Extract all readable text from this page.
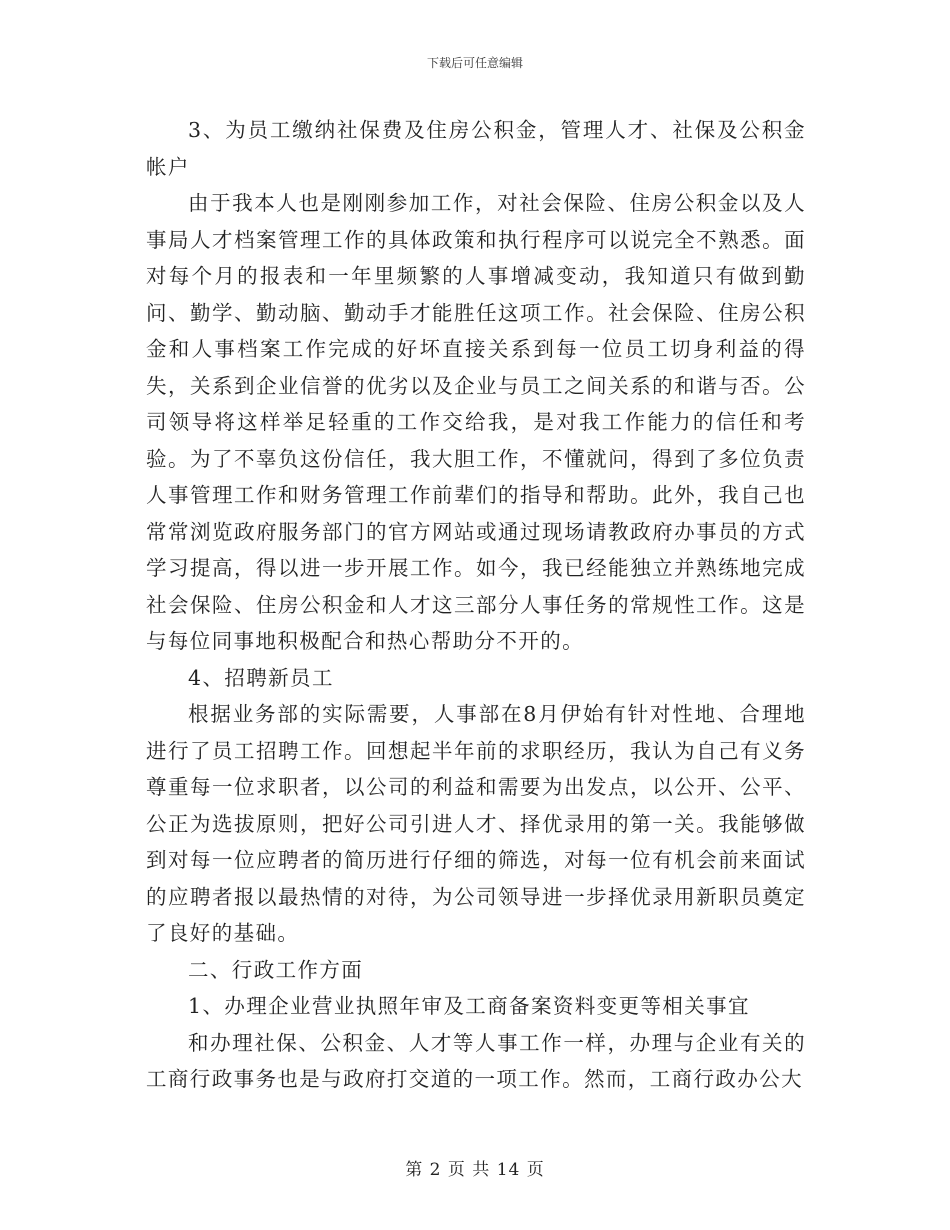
下载后可任意编辑

3、为员工缴纳社保费及住房公积金，管理人才、社保及公积金帐户

由于我本人也是刚刚参加工作，对社会保险、住房公积金以及人事局人才档案管理工作的具体政策和执行程序可以说完全不熟悉。面对每个月的报表和一年里频繁的人事增减变动，我知道只有做到勤问、勤学、勤动脑、勤动手才能胜任这项工作。社会保险、住房公积金和人事档案工作完成的好坏直接关系到每一位员工切身利益的得失，关系到企业信誉的优劣以及企业与员工之间关系的和谐与否。公司领导将这样举足轻重的工作交给我，是对我工作能力的信任和考验。为了不辜负这份信任，我大胆工作，不懂就问，得到了多位负责人事管理工作和财务管理工作前辈们的指导和帮助。此外，我自己也常常浏览政府服务部门的官方网站或通过现场请教政府办事员的方式 学习提高，得以进一步开展工作。如今，我已经能独立并熟练地完成社会保险、住房公积金和人才这三部分人事任务的常规性工作。这是与每位同事地积极配合和热心帮助分不开的。

4、招聘新员工

根据业务部的实际需要，人事部在8月伊始有针对性地、合理地进行了员工招聘工作。回想起半年前的求职经历，我认为自己有义务尊重每一位求职者，以公司的利益和需要为出发点，以公开、公平、公正为选拔原则，把好公司引进人才、择优录用的第一关。我能够做到对每一位应聘者的简历进行仔细的筛选，对每一位有机会前来面试的应聘者报以最热情的对待，为公司领导进一步择优录用新职员奠定了良好的基础。

二、行政工作方面

1、办理企业营业执照年审及工商备案资料变更等相关事宜

和办理社保、公积金、人才等人事工作一样，办理与企业有关的工商行政事务也是与政府打交道的一项工作。然而，工商行政办公大

第 2 页 共 14 页
